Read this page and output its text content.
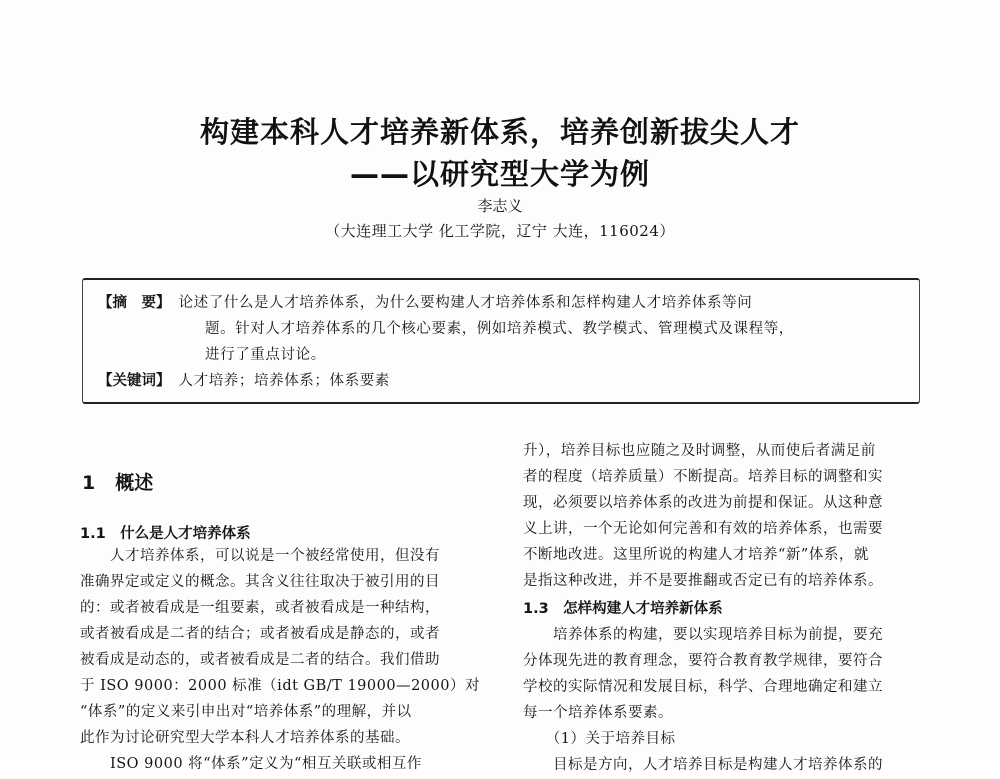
构建本科人才培养新体系，培养创新拔尖人才
——以研究型大学为例
李志义
（大连理工大学 化工学院，辽宁 大连，116024）
【摘　要】 论述了什么是人才培养体系，为什么要构建人才培养体系和怎样构建人才培养体系等问
题。针对人才培养体系的几个核心要素，例如培养模式、教学模式、管理模式及课程等，
进行了重点讨论。
【关键词】 人才培养；培养体系；体系要素
1 概述
1.1　什么是人才培养体系
　　人才培养体系，可以说是一个被经常使用，但没有
准确界定或定义的概念。其含义往往取决于被引用的目
的：或者被看成是一组要素，或者被看成是一种结构，
或者被看成是二者的结合；或者被看成是静态的，或者
被看成是动态的，或者被看成是二者的结合。我们借助
于 ISO 9000：2000 标准（idt GB/T 19000—2000）对
“体系”的定义来引申出对“培养体系”的理解，并以
此作为讨论研究型大学本科人才培养体系的基础。
　　ISO 9000 将“体系”定义为“相互关联或相互作
升），培养目标也应随之及时调整，从而使后者满足前
者的程度（培养质量）不断提高。培养目标的调整和实
现，必须要以培养体系的改进为前提和保证。从这种意
义上讲，一个无论如何完善和有效的培养体系，也需要
不断地改进。这里所说的构建人才培养“新”体系，就
是指这种改进，并不是要推翻或否定已有的培养体系。
1.3　怎样构建人才培养新体系
　　培养体系的构建，要以实现培养目标为前提，要充
分体现先进的教育理念，要符合教育教学规律，要符合
学校的实际情况和发展目标，科学、合理地确定和建立
每一个培养体系要素。
　　（1）关于培养目标
　　目标是方向，人才培养目标是构建人才培养体系的
